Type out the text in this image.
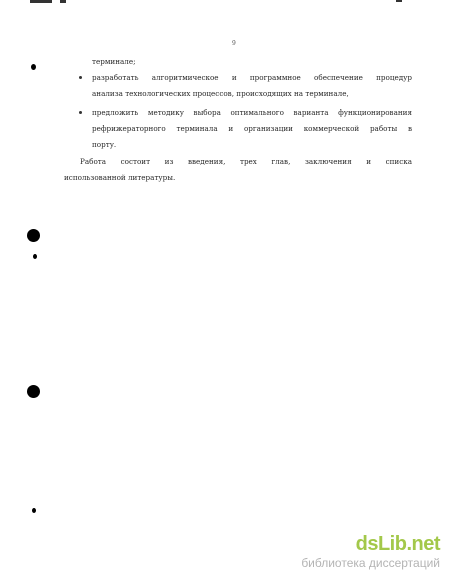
9
терминале;
разработать алгоритмическое и программное обеспечение процедур
анализа технологических процессов, происходящих на терминале,
предложить методику выбора оптимального варианта функционирования
рефрижераторного терминала и организации коммерческой работы в
порту.
Работа состоит из введения, трех глав, заключения и списка
использованной литературы.
dsLib.net
библиотека диссертаций
